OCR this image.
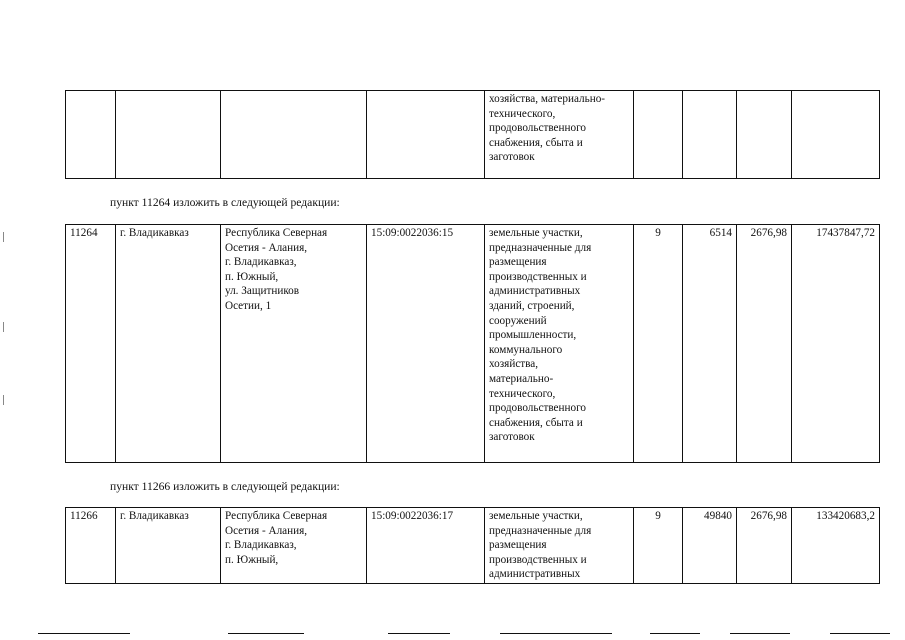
				хозяйства, материально-
технического,
продовольственного
снабжения, сбыта и
заготовок				
пункт 11264 изложить в следующей редакции:
11264	г. Владикавказ	Республика Северная
Осетия - Алания,
г. Владикавказ,
п. Южный,
ул. Защитников
Осетии, 1	15:09:0022036:15	земельные участки,
предназначенные для
размещения
производственных и
административных
зданий, строений,
сооружений
промышленности,
коммунального
хозяйства,
материально-
технического,
продовольственного
снабжения, сбыта и
заготовок	9	6514	2676,98	17437847,72
пункт 11266 изложить в следующей редакции:
11266	г. Владикавказ	Республика Северная
Осетия - Алания,
г. Владикавказ,
п. Южный,	15:09:0022036:17	земельные участки,
предназначенные для
размещения
производственных и
административных	9	49840	2676,98	133420683,2
